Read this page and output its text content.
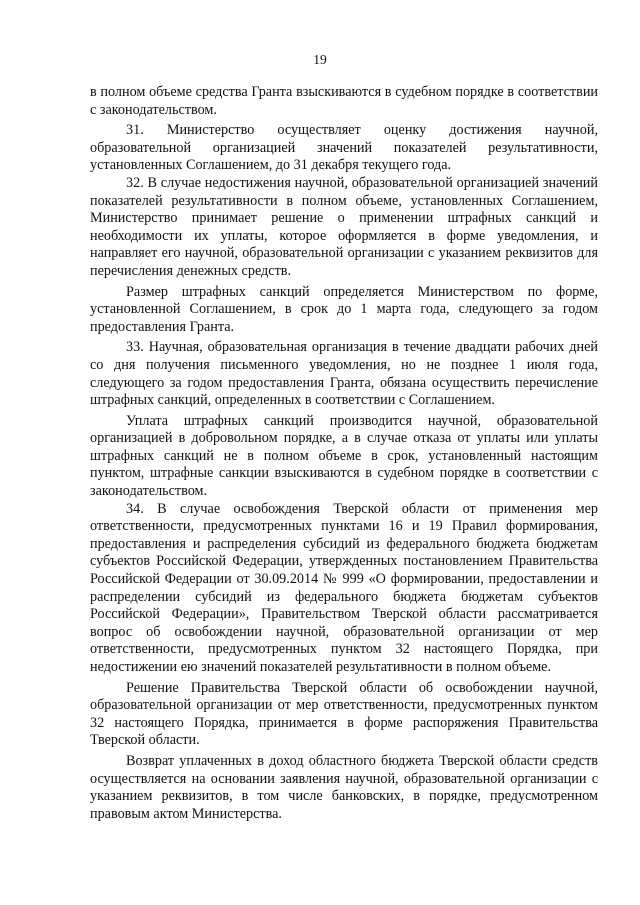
19

в полном объеме средства Гранта взыскиваются в судебном порядке в соответствии с законодательством.

31. Министерство осуществляет оценку достижения научной, образовательной организацией значений показателей результативности, установленных Соглашением, до 31 декабря текущего года.

32. В случае недостижения научной, образовательной организацией значений показателей результативности в полном объеме, установленных Соглашением, Министерство принимает решение о применении штрафных санкций и необходимости их уплаты, которое оформляется в форме уведомления, и направляет его научной, образовательной организации с указанием реквизитов для перечисления денежных средств.

Размер штрафных санкций определяется Министерством по форме, установленной Соглашением, в срок до 1 марта года, следующего за годом предоставления Гранта.

33. Научная, образовательная организация в течение двадцати рабочих дней со дня получения письменного уведомления, но не позднее 1 июля года, следующего за годом предоставления Гранта, обязана осуществить перечисление штрафных санкций, определенных в соответствии с Соглашением.

Уплата штрафных санкций производится научной, образовательной организацией в добровольном порядке, а в случае отказа от уплаты или уплаты штрафных санкций не в полном объеме в срок, установленный настоящим пунктом, штрафные санкции взыскиваются в судебном порядке в соответствии с законодательством.

34. В случае освобождения Тверской области от применения мер ответственности, предусмотренных пунктами 16 и 19 Правил формирования, предоставления и распределения субсидий из федерального бюджета бюджетам субъектов Российской Федерации, утвержденных постановлением Правительства Российской Федерации от 30.09.2014 № 999 «О формировании, предоставлении и распределении субсидий из федерального бюджета бюджетам субъектов Российской Федерации», Правительством Тверской области рассматривается вопрос об освобождении научной, образовательной организации от мер ответственности, предусмотренных пунктом 32 настоящего Порядка, при недостижении ею значений показателей результативности в полном объеме.

Решение Правительства Тверской области об освобождении научной, образовательной организации от мер ответственности, предусмотренных пунктом 32 настоящего Порядка, принимается в форме распоряжения Правительства Тверской области.

Возврат уплаченных в доход областного бюджета Тверской области средств осуществляется на основании заявления научной, образовательной организации с указанием реквизитов, в том числе банковских, в порядке, предусмотренном правовым актом Министерства.
